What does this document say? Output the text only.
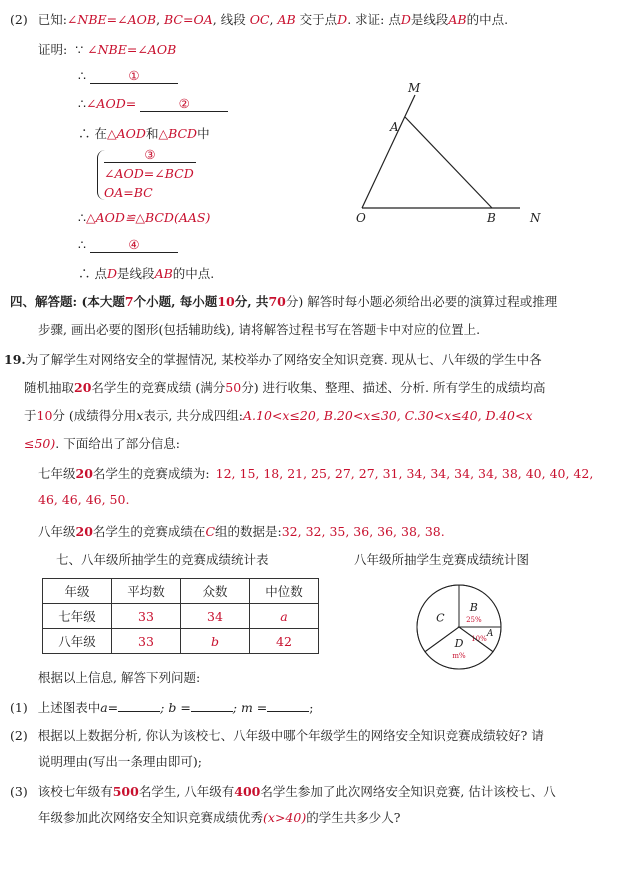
(2) 已知:∠NBE=∠AOB, BC=OA, 线段 OC, AB 交于点D. 求证: 点D是线段AB的中点.
证明: ∵ ∠NBE=∠AOB
∴	①
∴∠AOD=	②
∴ 在△AOD和△BCD中
③
∠AOD=∠BCD
OA=BC
∴△AOD≌△BCD(AAS)
∴	④
∴ 点D是线段AB的中点.
M
A
O	B	N
四、解答题: (本大题7个小题, 每小题10分, 共70分) 解答时每小题必须给出必要的演算过程或推理
步骤, 画出必要的图形(包括辅助线), 请将解答过程书写在答题卡中对应的位置上.
19.为了解学生对网络安全的掌握情况, 某校举办了网络安全知识竞赛. 现从七、八年级的学生中各
随机抽取20名学生的竞赛成绩 (满分50分) 进行收集、整理、描述、分析. 所有学生的成绩均高
于10分 (成绩得分用x表示, 共分成四组:A.10<x≤20, B.20<x≤30, C.30<x≤40, D.40<x
≤50). 下面给出了部分信息:
七年级20名学生的竞赛成绩为: 12, 15, 18, 21, 25, 27, 27, 31, 34, 34, 34, 34, 38, 40, 40, 42,
46, 46, 46, 50.
八年级20名学生的竞赛成绩在C组的数据是:32, 32, 35, 36, 36, 38, 38.
七、八年级所抽学生的竞赛成绩统计表	八年级所抽学生竞赛成绩统计图
年级	平均数	众数	中位数
七年级	33	34	a
八年级	33	b	42
B
25%
A
10%
D
m%
C
根据以上信息, 解答下列问题:
(1) 上述图表中a=	; b =	; m =	;
(2) 根据以上数据分析, 你认为该校七、八年级中哪个年级学生的网络安全知识竞赛成绩较好? 请
说明理由(写出一条理由即可);
(3) 该校七年级有500名学生, 八年级有400名学生参加了此次网络安全知识竞赛, 估计该校七、八
年级参加此次网络安全知识竞赛成绩优秀(x>40)的学生共多少人?
